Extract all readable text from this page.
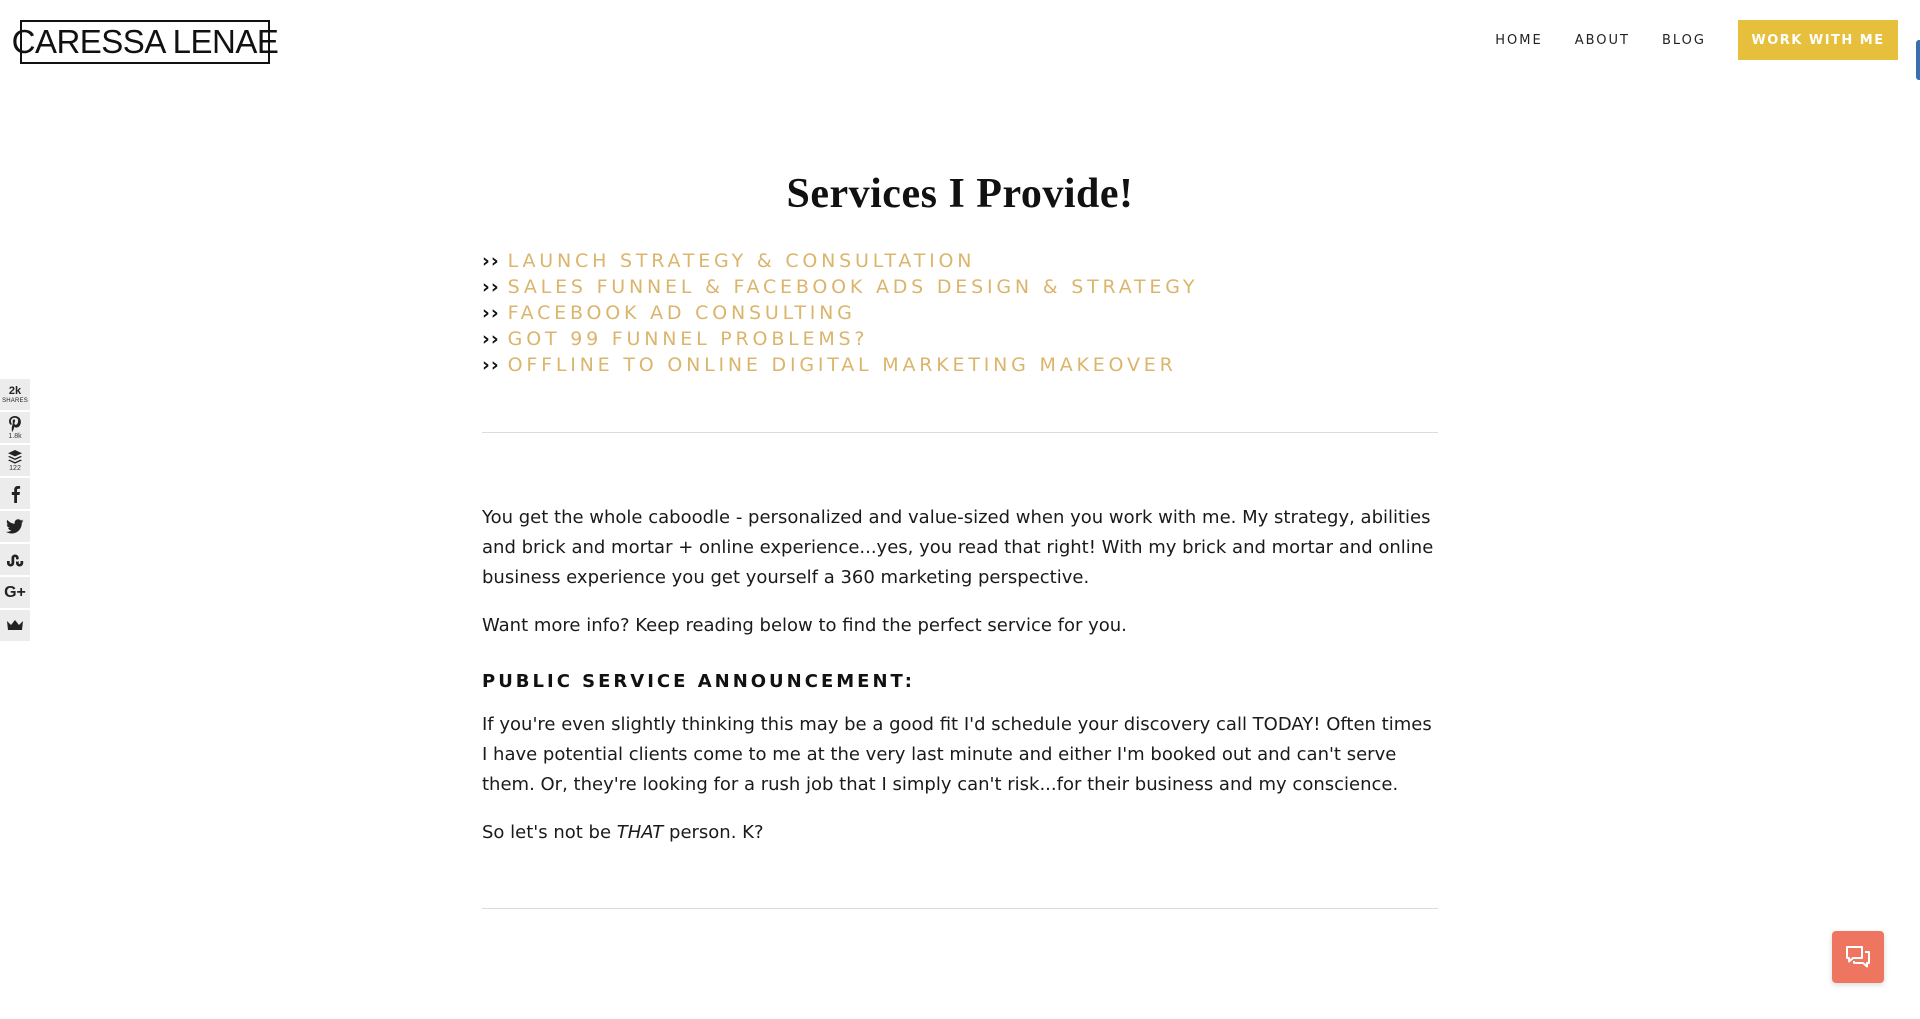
CARESSA LENAE	HOME ABOUT BLOG	WORK WITH ME
Services I Provide!
›› LAUNCH STRATEGY & CONSULTATION
›› SALES FUNNEL & FACEBOOK ADS DESIGN & STRATEGY
›› FACEBOOK AD CONSULTING
›› GOT 99 FUNNEL PROBLEMS?
›› OFFLINE TO ONLINE DIGITAL MARKETING MAKEOVER

You get the whole caboodle - personalized and value-sized when you work with me. My strategy, abilities and brick and mortar + online experience...yes, you read that right! With my brick and mortar and online business experience you get yourself a 360 marketing perspective.

Want more info? Keep reading below to find the perfect service for you.

PUBLIC SERVICE ANNOUNCEMENT:

If you're even slightly thinking this may be a good fit I'd schedule your discovery call TODAY! Often times I have potential clients come to me at the very last minute and either I'm booked out and can't serve them. Or, they're looking for a rush job that I simply can't risk...for their business and my conscience.

So let's not be THAT person. K?

2k
SHARES
1.8k
122
G+
